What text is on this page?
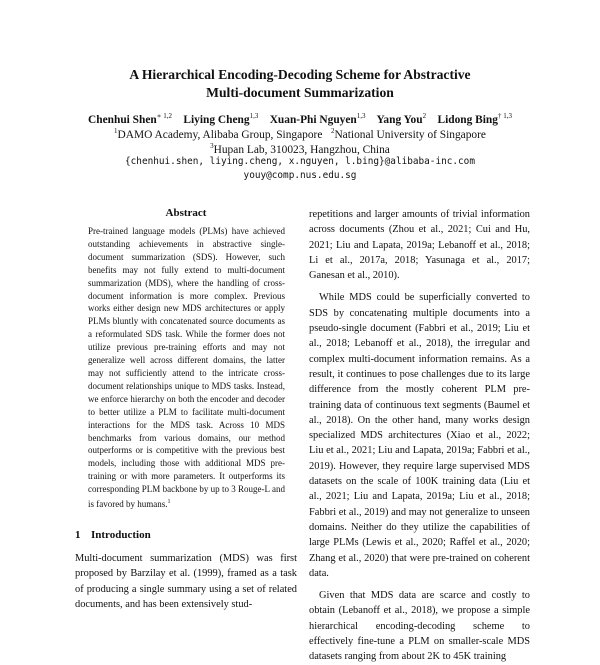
A Hierarchical Encoding-Decoding Scheme for Abstractive
Multi-document Summarization
Chenhui Shen$^{∗ 1,2}$ Liying Cheng$^{1,3}$ Xuan-Phi Nguyen$^{1,3}$ Yang You$^2$ Lidong Bing$^{\dagger 1,3}$
$^1$DAMO Academy, Alibaba Group, Singapore $^2$National University of Singapore
$^3$Hupan Lab, 310023, Hangzhou, China
{chenhui.shen, liying.cheng, x.nguyen, l.bing}@alibaba-inc.com
youy@comp.nus.edu.sg
Abstract
Pre-trained language models (PLMs) have achieved outstanding achievements in abstractive single-document summarization (SDS). However, such benefits may not fully extend to multi-document summarization (MDS), where the handling of cross-document information is more complex. Previous works either design new MDS architectures or apply PLMs bluntly with concatenated source documents as a reformulated SDS task. While the former does not utilize previous pre-training efforts and may not generalize well across different domains, the latter may not sufficiently attend to the intricate cross-document relationships unique to MDS tasks. Instead, we enforce hierarchy on both the encoder and decoder to better utilize a PLM to facilitate multi-document interactions for the MDS task. Across 10 MDS benchmarks from various domains, our method outperforms or is competitive with the previous best models, including those with additional MDS pre-training or with more parameters. It outperforms its corresponding PLM backbone by up to 3 Rouge-L and is favored by humans.$^1$
1 Introduction
Multi-document summarization (MDS) was first proposed by Barzilay et al. (1999), framed as a task of producing a single summary using a set of related documents, and has been extensively stud-

repetitions and larger amounts of trivial information across documents (Zhou et al., 2021; Cui and Hu, 2021; Liu and Lapata, 2019a; Lebanoff et al., 2018; Li et al., 2017a, 2018; Yasunaga et al., 2017; Ganesan et al., 2010).

While MDS could be superficially converted to SDS by concatenating multiple documents into a pseudo-single document (Fabbri et al., 2019; Liu et al., 2018; Lebanoff et al., 2018), the irregular and complex multi-document information remains. As a result, it continues to pose challenges due to its large difference from the mostly coherent PLM pre-training data of continuous text segments (Baumel et al., 2018). On the other hand, many works design specialized MDS architectures (Xiao et al., 2022; Liu et al., 2021; Liu and Lapata, 2019a; Fabbri et al., 2019). However, they require large supervised MDS datasets on the scale of 100K training data (Liu et al., 2021; Liu and Lapata, 2019a; Liu et al., 2018; Fabbri et al., 2019) and may not generalize to unseen domains. Neither do they utilize the capabilities of large PLMs (Lewis et al., 2020; Raffel et al., 2020; Zhang et al., 2020) that were pre-trained on coherent data.

Given that MDS data are scarce and costly to obtain (Lebanoff et al., 2018), we propose a simple hierarchical encoding-decoding scheme to effectively fine-tune a PLM on smaller-scale MDS datasets ranging from about 2K to 45K training
